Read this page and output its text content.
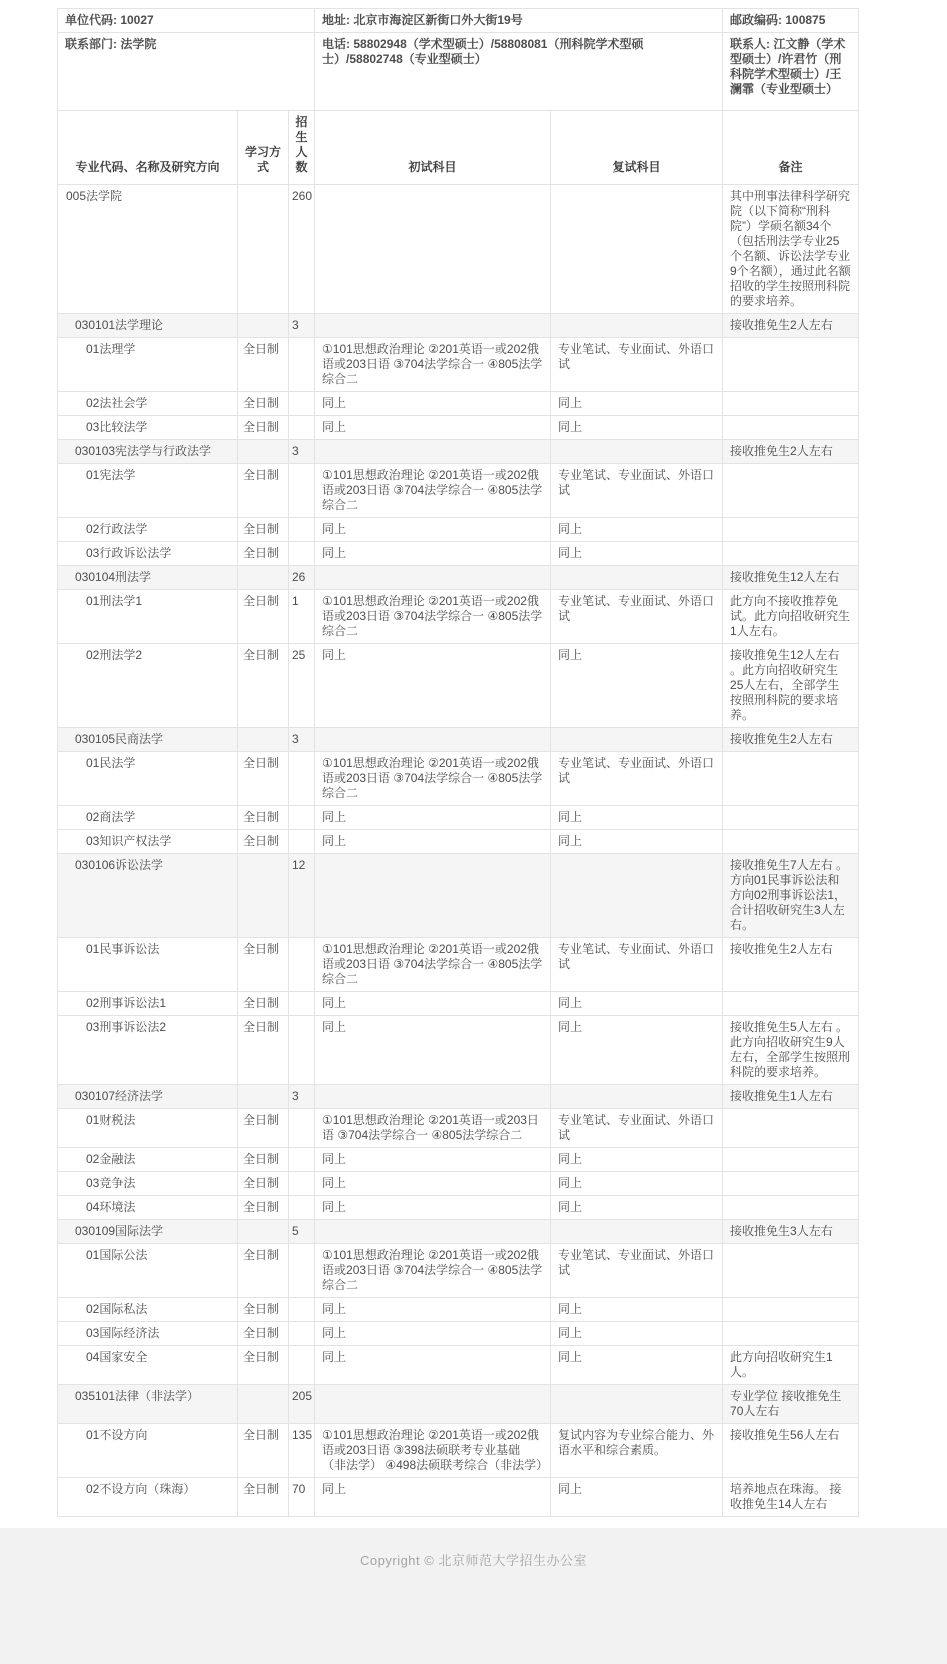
单位代码: 10027			地址: 北京市海淀区新街口外大街19号		邮政编码: 100875
联系部门: 法学院			电话: 58802948（学术型硕士）/58808081（刑科院学术型硕士）/58802748（专业型硕士）		联系人: 江文静（学术型硕士）/许君竹（刑科院学术型硕士）/王澜霏（专业型硕士）
专业代码、名称及研究方向	学习方式	招生人数	初试科目	复试科目	备注
005法学院		260			其中刑事法律科学研究院（以下简称“刑科院”）学硕名额34个（包括刑法学专业25个名额、诉讼法学专业9个名额），通过此名额招收的学生按照刑科院的要求培养。
030101法学理论		3			接收推免生2人左右
01法理学	全日制		①101思想政治理论 ②201英语一或202俄语或203日语 ③704法学综合一 ④805法学综合二	专业笔试、专业面试、外语口试	
02法社会学	全日制		同上	同上	
03比较法学	全日制		同上	同上	
030103宪法学与行政法学		3			接收推免生2人左右
01宪法学	全日制		①101思想政治理论 ②201英语一或202俄语或203日语 ③704法学综合一 ④805法学综合二	专业笔试、专业面试、外语口试	
02行政法学	全日制		同上	同上	
03行政诉讼法学	全日制		同上	同上	
030104刑法学		26			接收推免生12人左右
01刑法学1	全日制	1	①101思想政治理论 ②201英语一或202俄语或203日语 ③704法学综合一 ④805法学综合二	专业笔试、专业面试、外语口试	此方向不接收推荐免试。此方向招收研究生1人左右。
02刑法学2	全日制	25	同上	同上	接收推免生12人左右 。此方向招收研究生25人左右，全部学生按照刑科院的要求培养。
030105民商法学		3			接收推免生2人左右
01民法学	全日制		①101思想政治理论 ②201英语一或202俄语或203日语 ③704法学综合一 ④805法学综合二	专业笔试、专业面试、外语口试	
02商法学	全日制		同上	同上	
03知识产权法学	全日制		同上	同上	
030106诉讼法学		12			接收推免生7人左右 。方向01民事诉讼法和方向02刑事诉讼法1，合计招收研究生3人左右。
01民事诉讼法	全日制		①101思想政治理论 ②201英语一或202俄语或203日语 ③704法学综合一 ④805法学综合二	专业笔试、专业面试、外语口试	接收推免生2人左右
02刑事诉讼法1	全日制		同上	同上	
03刑事诉讼法2	全日制		同上	同上	接收推免生5人左右 。此方向招收研究生9人左右，全部学生按照刑科院的要求培养。
030107经济法学		3			接收推免生1人左右
01财税法	全日制		①101思想政治理论 ②201英语一或203日语 ③704法学综合一 ④805法学综合二	专业笔试、专业面试、外语口试	
02金融法	全日制		同上	同上	
03竞争法	全日制		同上	同上	
04环境法	全日制		同上	同上	
030109国际法学		5			接收推免生3人左右
01国际公法	全日制		①101思想政治理论 ②201英语一或202俄语或203日语 ③704法学综合一 ④805法学综合二	专业笔试、专业面试、外语口试	
02国际私法	全日制		同上	同上	
03国际经济法	全日制		同上	同上	
04国家安全	全日制		同上	同上	此方向招收研究生1人。
035101法律（非法学）		205			专业学位 接收推免生70人左右
01不设方向	全日制	135	①101思想政治理论 ②201英语一或202俄语或203日语 ③398法硕联考专业基础（非法学） ④498法硕联考综合（非法学）	复试内容为专业综合能力、外语水平和综合素质。	接收推免生56人左右
02不设方向（珠海）	全日制	70	同上	同上	培养地点在珠海。 接收推免生14人左右
Copyright © 北京师范大学招生办公室
